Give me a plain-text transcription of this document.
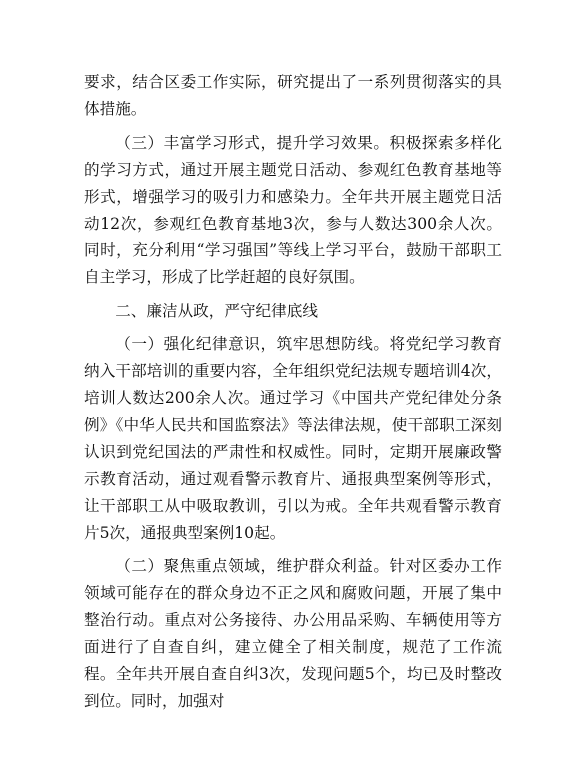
要求，结合区委工作实际，研究提出了一系列贯彻落实的具体措施。

（三）丰富学习形式，提升学习效果。积极探索多样化的学习方式，通过开展主题党日活动、参观红色教育基地等形式，增强学习的吸引力和感染力。全年共开展主题党日活动12次，参观红色教育基地3次，参与人数达300余人次。同时，充分利用“学习强国”等线上学习平台，鼓励干部职工自主学习，形成了比学赶超的良好氛围。

二、廉洁从政，严守纪律底线

（一）强化纪律意识，筑牢思想防线。将党纪学习教育纳入干部培训的重要内容，全年组织党纪法规专题培训4次，培训人数达200余人次。通过学习《中国共产党纪律处分条例》《中华人民共和国监察法》等法律法规，使干部职工深刻认识到党纪国法的严肃性和权威性。同时，定期开展廉政警示教育活动，通过观看警示教育片、通报典型案例等形式，让干部职工从中吸取教训，引以为戒。全年共观看警示教育片5次，通报典型案例10起。

（二）聚焦重点领域，维护群众利益。针对区委办工作领域可能存在的群众身边不正之风和腐败问题，开展了集中整治行动。重点对公务接待、办公用品采购、车辆使用等方面进行了自查自纠，建立健全了相关制度，规范了工作流程。全年共开展自查自纠3次，发现问题5个，均已及时整改到位。同时，加强对
